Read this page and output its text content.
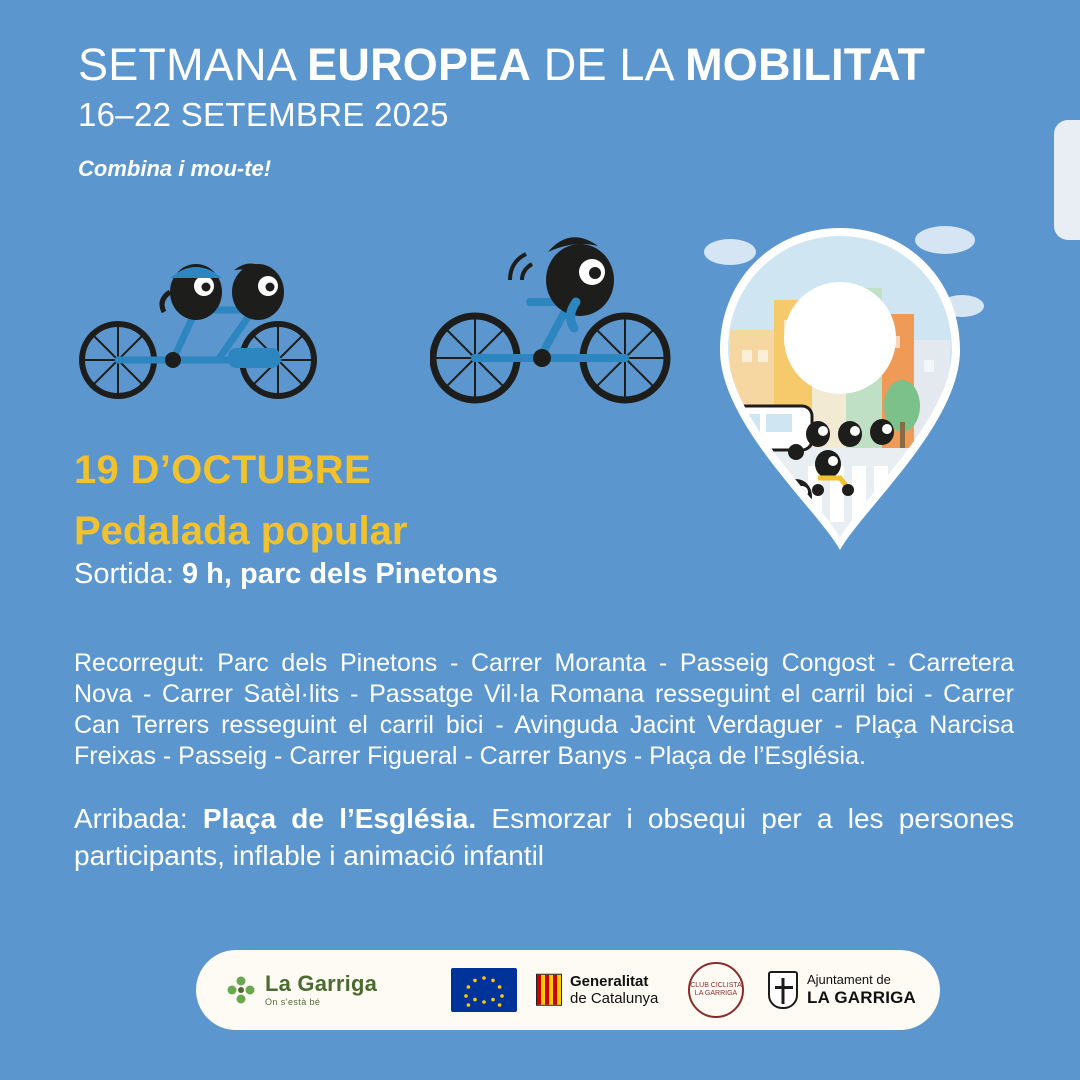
SETMANA EUROPEA DE LA MOBILITAT
16–22 SETEMBRE 2025
Combina i mou-te!
19 D’OCTUBRE
Pedalada popular
Sortida: 9 h, parc dels Pinetons
Recorregut: Parc dels Pinetons - Carrer Moranta - Passeig Congost - Carretera Nova - Carrer Satèl·lits - Passatge Vil·la Romana resseguint el carril bici - Carrer Can Terrers resseguint el carril bici - Avinguda Jacint Verdaguer - Plaça Narcisa Freixas - Passeig - Carrer Figueral - Carrer Banys - Plaça de l’Església.
Arribada: Plaça de l’Església. Esmorzar i obsequi per a les persones participants, inflable i animació infantil
La Garriga
On s’està bé
Generalitat
de Catalunya
CLUB CICLISTA LA GARRIGA
Ajuntament de
LA GARRIGA
